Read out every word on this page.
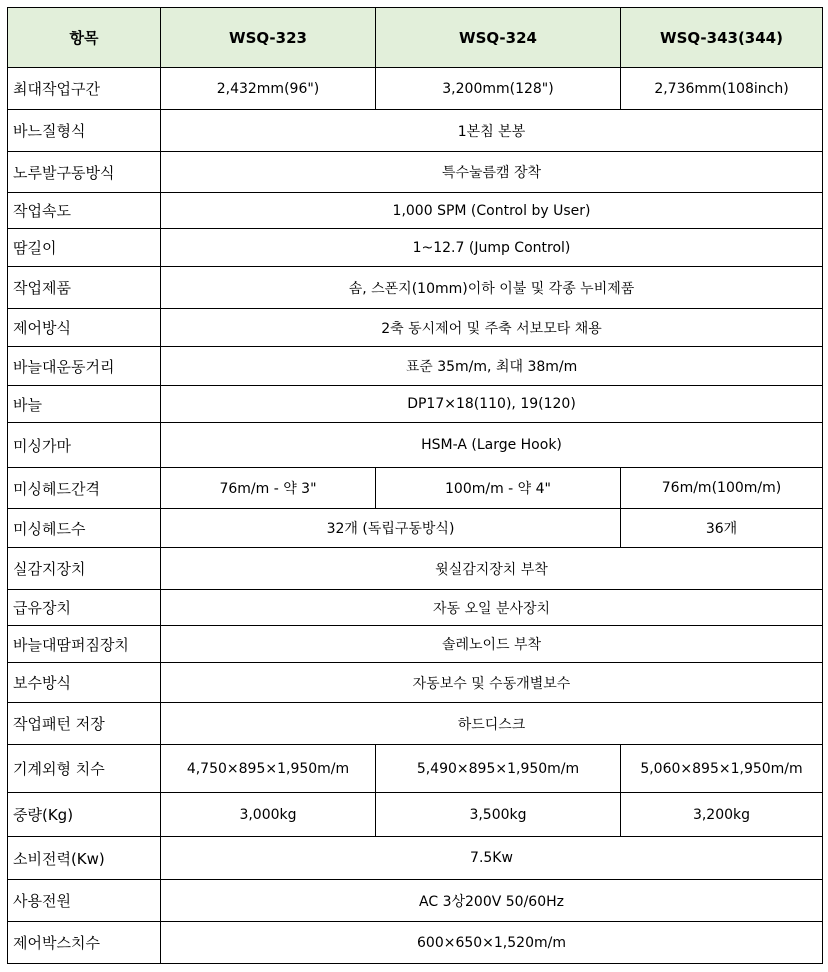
항목	WSQ-323	WSQ-324	WSQ-343(344)
최대작업구간	2,432mm(96")	3,200mm(128")	2,736mm(108inch)
바느질형식	1본침 본봉		
노루발구동방식	특수눌름캠 장착		
작업속도	1,000 SPM (Control by User)		
땀길이	1~12.7 (Jump Control)		
작업제품	솜, 스폰지(10mm)이하 이불 및 각종 누비제품		
제어방식	2축 동시제어 및 주축 서보모타 채용		
바늘대운동거리	표준 35m/m, 최대 38m/m		
바늘	DP17×18(110), 19(120)		
미싱가마	HSM-A (Large Hook)		
미싱헤드간격	76m/m - 약 3"	100m/m - 약 4"	76m/m(100m/m)
미싱헤드수	32개 (독립구동방식)		36개
실감지장치	윗실감지장치 부착		
급유장치	자동 오일 분사장치		
바늘대땀퍼짐장치	솔레노이드 부착		
보수방식	자동보수 및 수동개별보수		
작업패턴 저장	하드디스크		
기계외형 치수	4,750×895×1,950m/m	5,490×895×1,950m/m	5,060×895×1,950m/m
중량(Kg)	3,000kg	3,500kg	3,200kg
소비전력(Kw)	7.5Kw		
사용전원	AC 3상200V 50/60Hz		
제어박스치수	600×650×1,520m/m		
